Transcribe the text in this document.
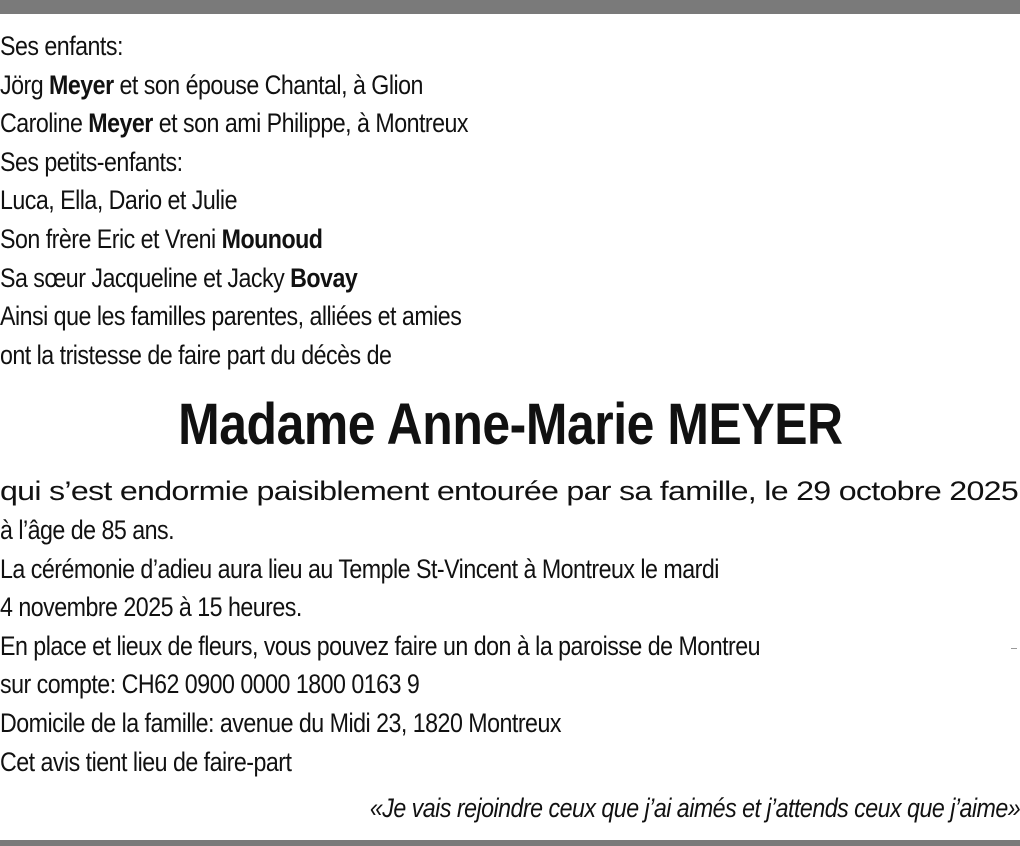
Ses enfants:
Jörg Meyer et son épouse Chantal, à Glion
Caroline Meyer et son ami Philippe, à Montreux
Ses petits-enfants:
Luca, Ella, Dario et Julie
Son frère Eric et Vreni Mounoud
Sa sœur Jacqueline et Jacky Bovay
Ainsi que les familles parentes, alliées et amies
ont la tristesse de faire part du décès de
Madame Anne-Marie MEYER
qui s’est endormie paisiblement entourée par sa famille, le 29 octobre 2025
à l’âge de 85 ans.
La cérémonie d’adieu aura lieu au Temple St-Vincent à Montreux le mardi
4 novembre 2025 à 15 heures.
En place et lieux de fleurs, vous pouvez faire un don à la paroisse de Montreu
sur compte: CH62 0900 0000 1800 0163 9
Domicile de la famille: avenue du Midi 23, 1820 Montreux
Cet avis tient lieu de faire-part
«Je vais rejoindre ceux que j’ai aimés et j’attends ceux que j’aime»
